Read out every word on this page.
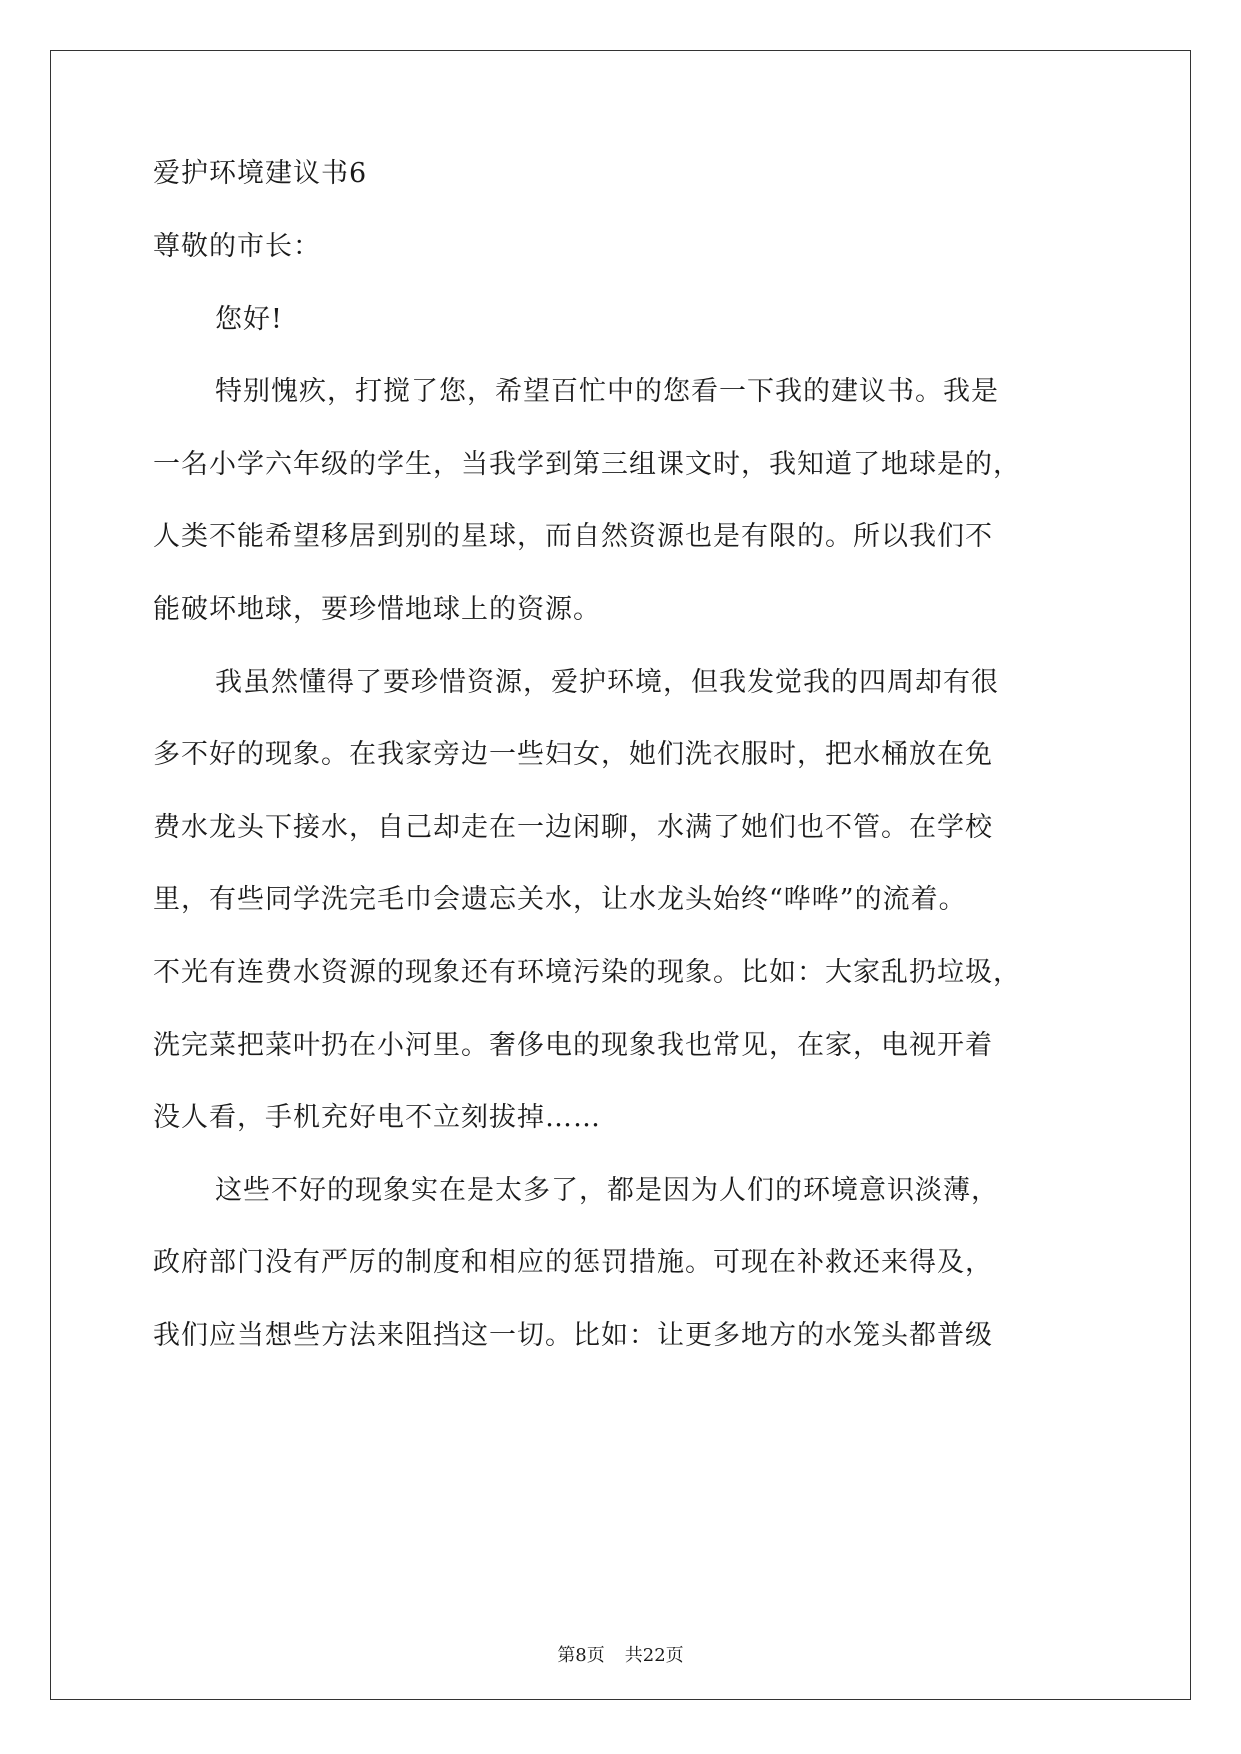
爱护环境建议书6
尊敬的市长：
您好!
特别愧疚，打搅了您，希望百忙中的您看一下我的建议书。我是
一名小学六年级的学生，当我学到第三组课文时，我知道了地球是的，
人类不能希望移居到别的星球，而自然资源也是有限的。所以我们不
能破坏地球，要珍惜地球上的资源。
我虽然懂得了要珍惜资源，爱护环境，但我发觉我的四周却有很
多不好的现象。在我家旁边一些妇女，她们洗衣服时，把水桶放在免
费水龙头下接水，自己却走在一边闲聊，水满了她们也不管。在学校
里，有些同学洗完毛巾会遗忘关水，让水龙头始终“哗哗”的流着。
不光有连费水资源的现象还有环境污染的现象。比如：大家乱扔垃圾，
洗完菜把菜叶扔在小河里。奢侈电的现象我也常见，在家，电视开着
没人看，手机充好电不立刻拔掉……
这些不好的现象实在是太多了，都是因为人们的环境意识淡薄，
政府部门没有严厉的制度和相应的惩罚措施。可现在补救还来得及，
我们应当想些方法来阻挡这一切。比如：让更多地方的水笼头都普级
第8页 共22页
